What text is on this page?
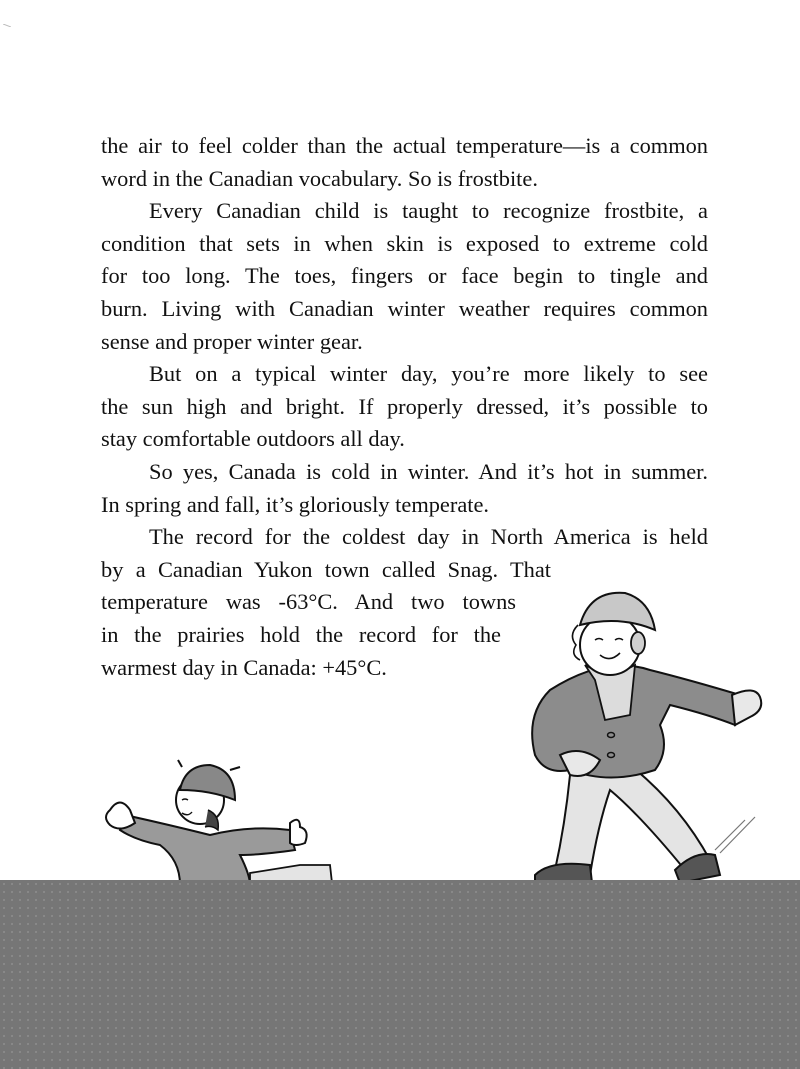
the air to feel colder than the actual temperature—is a common
word in the Canadian vocabulary. So is frostbite.
Every Canadian child is taught to recognize frostbite, a
condition that sets in when skin is exposed to extreme cold
for too long. The toes, fingers or face begin to tingle and
burn. Living with Canadian winter weather requires common
sense and proper winter gear.
But on a typical winter day, you’re more likely to see
the sun high and bright. If properly dressed, it’s possible to
stay comfortable outdoors all day.
So yes, Canada is cold in winter. And it’s hot in summer.
In spring and fall, it’s gloriously temperate.
The record for the coldest day in North America is held
by a Canadian Yukon town called Snag. That
temperature was -63°C. And two towns
in the prairies hold the record for the
warmest day in Canada: +45°C.
